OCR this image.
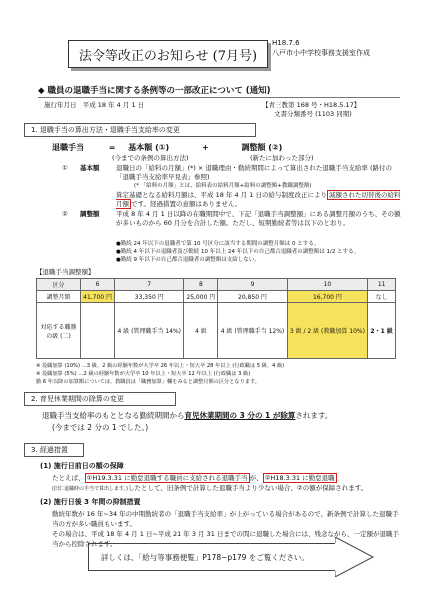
法令等改正のお知らせ (7月号)
H18.7.6
八戸市小中学校事務支援室作成
◆ 職員の退職手当に関する条例等の一部改正について (通知)
施行年月日 平成 18 年 4 月 1 日	【青三教第 168 号・H18.5.17】
文書分類番号 (1103 同期)
1. 退職手当の算出方法・退職手当支給率の変更
退職手当	= 基本額 (①)	+	調整額 (②)
(今までの条例の算出方法)	(新たに加わった部分)
①	基本額	退職日の「給料の月額」(*) × 退職理由・勤続期間によって算出された退職手当支給率 (路付の「退職手当支給率早見表」参照)
(* 「給料の月額」とは、給料表の給料月額+給料の調整額+教職調整額)
算定基礎となる給料月額は、平成 18 年 4 月 1 日の給与制度改正により 減額された切替後の給料月額 です。経過措置の意額はありません。
②	調整額	平成 8 年 4 月 1 日以降の在職期間中で、下記「退職手当調整額」にある調整月額のうち、その額が多いものから 60 月分を合計した額。ただし、短期勤続者等は以下のとおり。
●勤続 24 年以下の退職者で第 10 号区分に該当する期間の調整月額は 0 とする。
●勤続 4 年以下の退職者及び勤続 10 年以上 24 年以下の自己都合退職者の調整額は 1/2 とする。
●勤続 9 年以下の自己都合退職者の調整額は支給しない。
【退職手当調整額】
区分	6	7	8	9	10	11
調整月額	41,700 円	33,350 円	25,000 円	20,850 円	16,700 円	なし
対応する職務の級 (二)		4 級 (管理職手当 14%)	4 級	4 級 (管理職手当 12%)	3 級 / 2 級 (教職加算 10%)	2・1 級
※ 役職加算 (10%) …3 級、2 級の経験年数が大学卒 26 年以上・短大卒 28 年以上 (行政職は 5 級、4 級)
※ 役職加算 (5%) …2 級の経験年数が大学卒 10 年以上・短大卒 12 年以上 (行政職は 3 級)
勤 6 年以降の加算額については、教職員は「職務加算」欄をみると調整月額の区分となります。
2. 育児休業期間の除算の変更
退職手当支給率のもととなる勤続期間から育児休業期間の 3 分の 1 が除算されます。
(今までは 2 分の 1 でした。)
3. 経過措置
(1) 施行日前日の額の保障
たとえば、 ①H19.3.31 に勤怠退職する職員に支給される退職手当 が、 ②H18.3.31 に勤怠退職
(旧仁退職時の手当で算出します。)したとして、旧条例で計算した退職手当より少ない場合、②の額が保障されます。
(2) 施行日後 3 年間の抑制措置
勤続年数が 16 年~34 年の中期勤続者の「退職手当支給率」が上がっている場合があるので、新条例で計算した退職手当の方が多い職員もいます。
その場合は、平成 18 年 4 月 1 日~平成 21 年 3 月 31 日までの間に退職した場合には、残念ながら、一定額が退職手当から控除されます。
詳しくは、「給与等事務便覧」P178~p179 をご覧ください。
